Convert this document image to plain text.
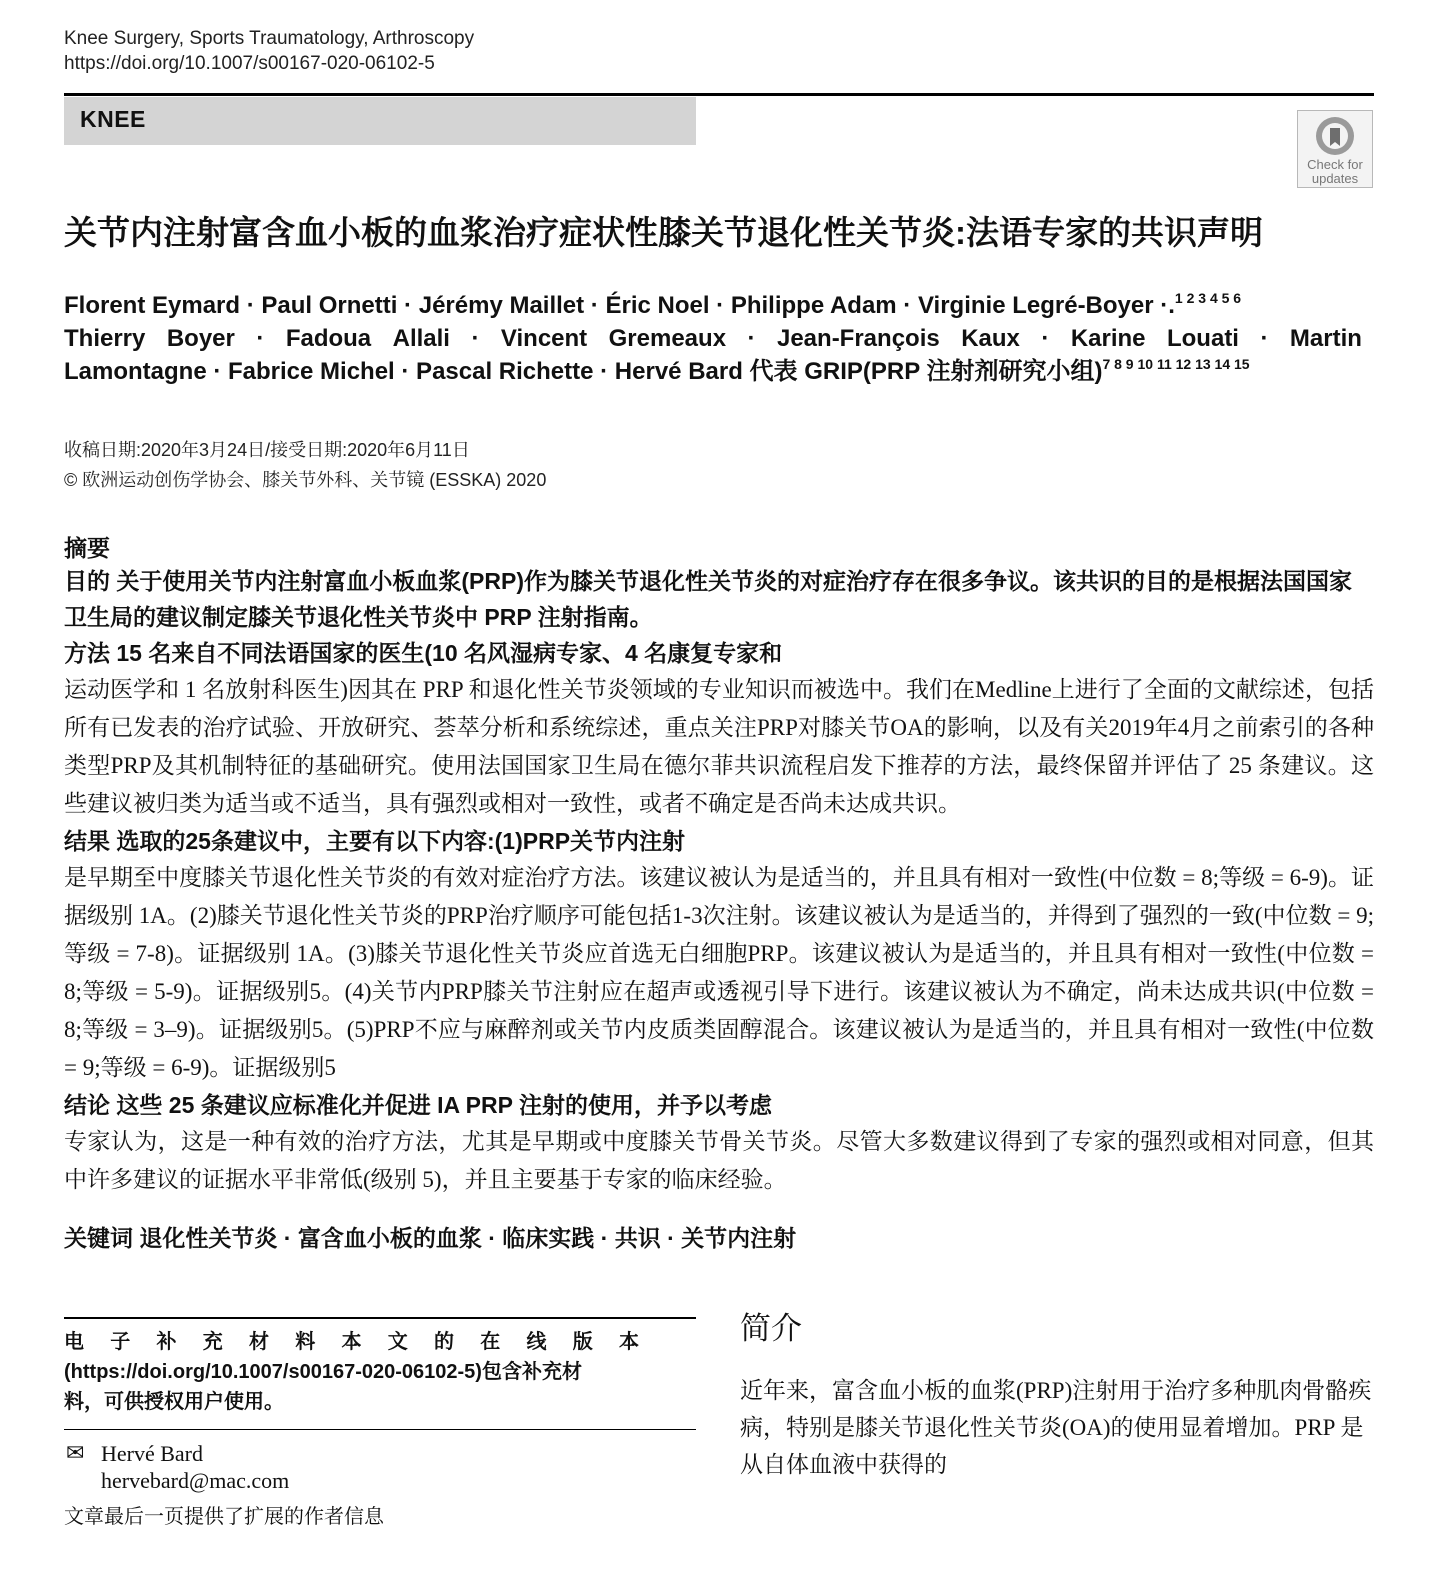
Knee Surgery, Sports Traumatology, Arthroscopy
https://doi.org/10.1007/s00167-020-06102-5
KNEE
Check for updates
关节内注射富含血小板的血浆治疗症状性膝关节退化性关节炎:法语专家的共识声明
Florent Eymard · Paul Ornetti · Jérémy Maillet · Éric Noel · Philippe Adam · Virginie Legré-Boyer ·.$^{1 2 3 4 5 6}$
Thierry Boyer · Fadoua Allali · Vincent Gremeaux · Jean-François Kaux · Karine Louati · Martin
Lamontagne · Fabrice Michel · Pascal Richette · Hervé Bard 代表 GRIP(PRP 注射剂研究小组)$^{7 8 9 10 11 12 13 14 15}$
收稿日期:2020年3月24日/接受日期:2020年6月11日
© 欧洲运动创伤学协会、膝关节外科、关节镜 (ESSKA) 2020
摘要
目的 关于使用关节内注射富血小板血浆(PRP)作为膝关节退化性关节炎的对症治疗存在很多争议。该共识的目的是根据法国国家卫生局的建议制定膝关节退化性关节炎中 PRP 注射指南。
方法 15 名来自不同法语国家的医生(10 名风湿病专家、4 名康复专家和
运动医学和 1 名放射科医生)因其在 PRP 和退化性关节炎领域的专业知识而被选中。我们在Medline上进行了全面的文献综述，包括所有已发表的治疗试验、开放研究、荟萃分析和系统综述，重点关注PRP对膝关节OA的影响，以及有关2019年4月之前索引的各种类型PRP及其机制特征的基础研究。使用法国国家卫生局在德尔菲共识流程启发下推荐的方法，最终保留并评估了 25 条建议。这些建议被归类为适当或不适当，具有强烈或相对一致性，或者不确定是否尚未达成共识。
结果 选取的25条建议中，主要有以下内容:(1)PRP关节内注射
是早期至中度膝关节退化性关节炎的有效对症治疗方法。该建议被认为是适当的，并且具有相对一致性(中位数 = 8;等级 = 6-9)。证据级别 1A。(2)膝关节退化性关节炎的PRP治疗顺序可能包括1-3次注射。该建议被认为是适当的，并得到了强烈的一致(中位数 = 9;等级 = 7-8)。证据级别 1A。(3)膝关节退化性关节炎应首选无白细胞PRP。该建议被认为是适当的，并且具有相对一致性(中位数 = 8;等级 = 5-9)。证据级别5。(4)关节内PRP膝关节注射应在超声或透视引导下进行。该建议被认为不确定，尚未达成共识(中位数 = 8;等级 = 3–9)。证据级别5。(5)PRP不应与麻醉剂或关节内皮质类固醇混合。该建议被认为是适当的，并且具有相对一致性(中位数 = 9;等级 = 6-9)。证据级别5
结论 这些 25 条建议应标准化并促进 IA PRP 注射的使用，并予以考虑
专家认为，这是一种有效的治疗方法，尤其是早期或中度膝关节骨关节炎。尽管大多数建议得到了专家的强烈或相对同意，但其中许多建议的证据水平非常低(级别 5)，并且主要基于专家的临床经验。
关键词 退化性关节炎 · 富含血小板的血浆 · 临床实践 · 共识 · 关节内注射
电 子 补 充 材 料 本 文 的 在 线 版 本
(https://doi.org/10.1007/s00167-020-06102-5)包含补充材
料，可供授权用户使用。
✉ Hervé Bard
hervebard@mac.com
文章最后一页提供了扩展的作者信息
简介
近年来，富含血小板的血浆(PRP)注射用于治疗多种肌肉骨骼疾病，特别是膝关节退化性关节炎(OA)的使用显着增加。PRP 是从自体血液中获得的
